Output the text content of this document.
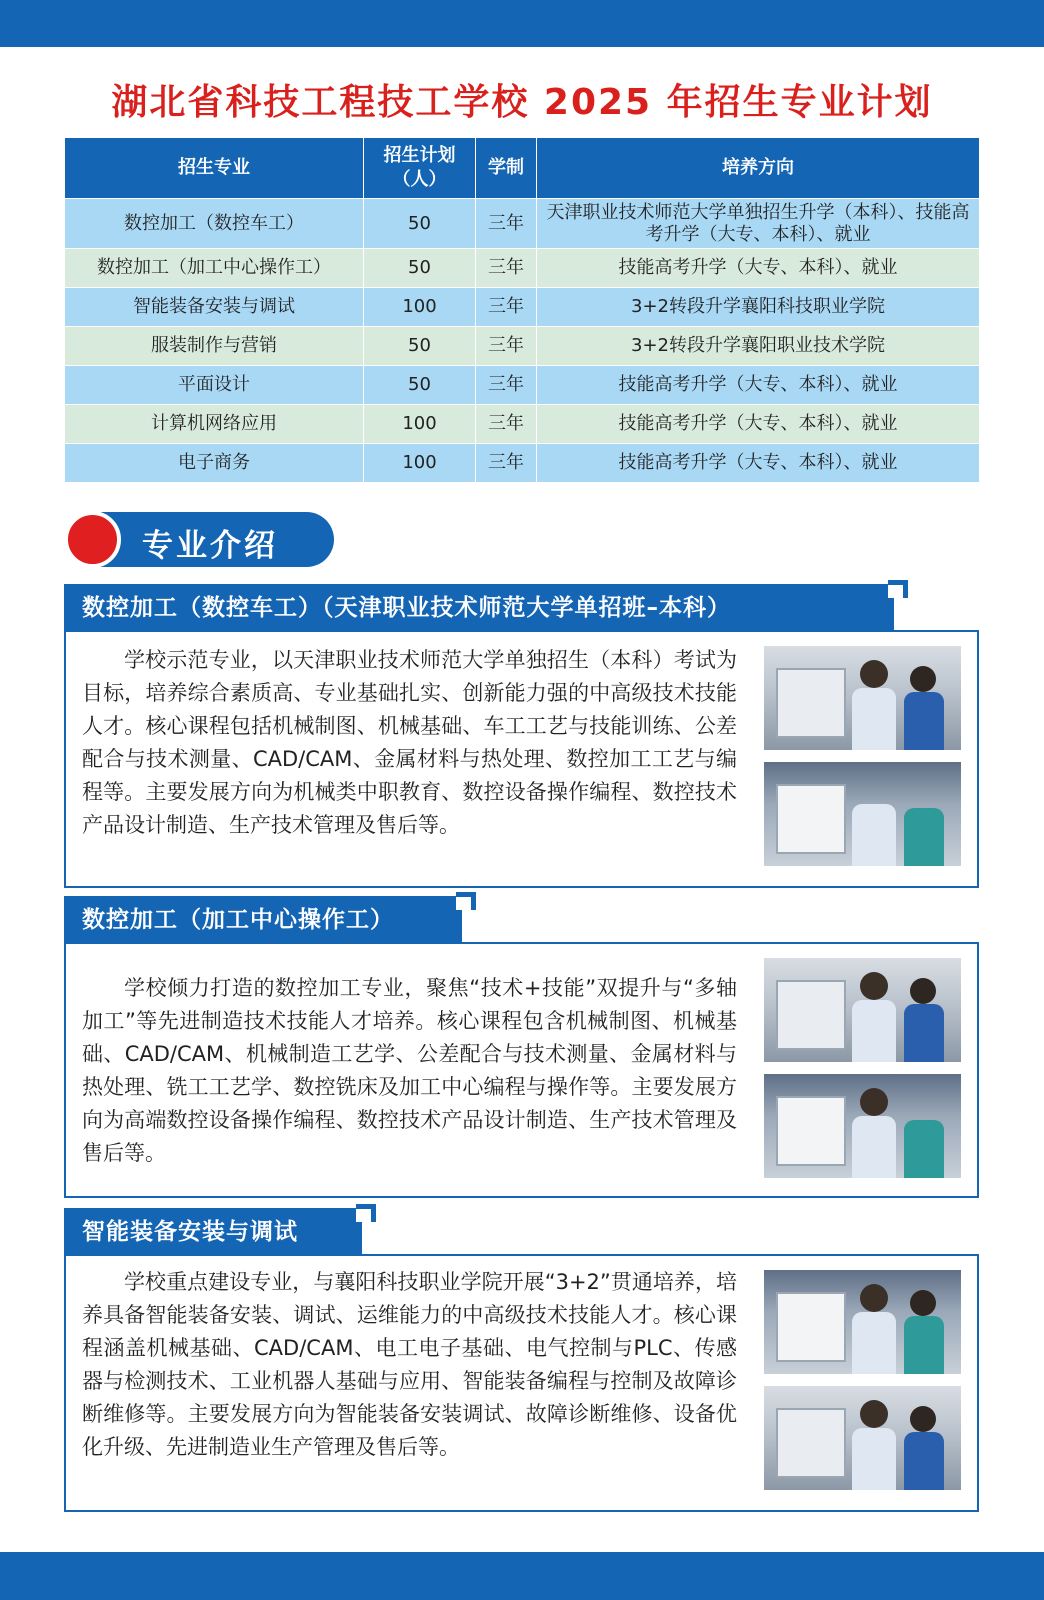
湖北省科技工程技工学校 2025 年招生专业计划
招生专业	招生计划（人）	学制	培养方向
数控加工（数控车工）	50	三年	天津职业技术师范大学单独招生升学（本科）、技能高考升学（大专、本科）、就业
数控加工（加工中心操作工）	50	三年	技能高考升学（大专、本科）、就业
智能装备安装与调试	100	三年	3+2转段升学襄阳科技职业学院
服装制作与营销	50	三年	3+2转段升学襄阳职业技术学院
平面设计	50	三年	技能高考升学（大专、本科）、就业
计算机网络应用	100	三年	技能高考升学（大专、本科）、就业
电子商务	100	三年	技能高考升学（大专、本科）、就业
专业介绍

学校示范专业，以天津职业技术师范大学单独招生（本科）考试为目标，培养综合素质高、专业基础扎实、创新能力强的中高级技术技能人才。核心课程包括机械制图、机械基础、车工工艺与技能训练、公差配合与技术测量、CAD/CAM、金属材料与热处理、数控加工工艺与编程等。主要发展方向为机械类中职教育、数控设备操作编程、数控技术产品设计制造、生产技术管理及售后等。

数控加工（数控车工）（天津职业技术师范大学单招班–本科）

学校倾力打造的数控加工专业，聚焦“技术+技能”双提升与“多轴加工”等先进制造技术技能人才培养。核心课程包含机械制图、机械基础、CAD/CAM、机械制造工艺学、公差配合与技术测量、金属材料与热处理、铣工工艺学、数控铣床及加工中心编程与操作等。主要发展方向为高端数控设备操作编程、数控技术产品设计制造、生产技术管理及售后等。

数控加工（加工中心操作工）

学校重点建设专业，与襄阳科技职业学院开展“3+2”贯通培养，培养具备智能装备安装、调试、运维能力的中高级技术技能人才。核心课程涵盖机械基础、CAD/CAM、电工电子基础、电气控制与PLC、传感器与检测技术、工业机器人基础与应用、智能装备编程与控制及故障诊断维修等。主要发展方向为智能装备安装调试、故障诊断维修、设备优化升级、先进制造业生产管理及售后等。

智能装备安装与调试
